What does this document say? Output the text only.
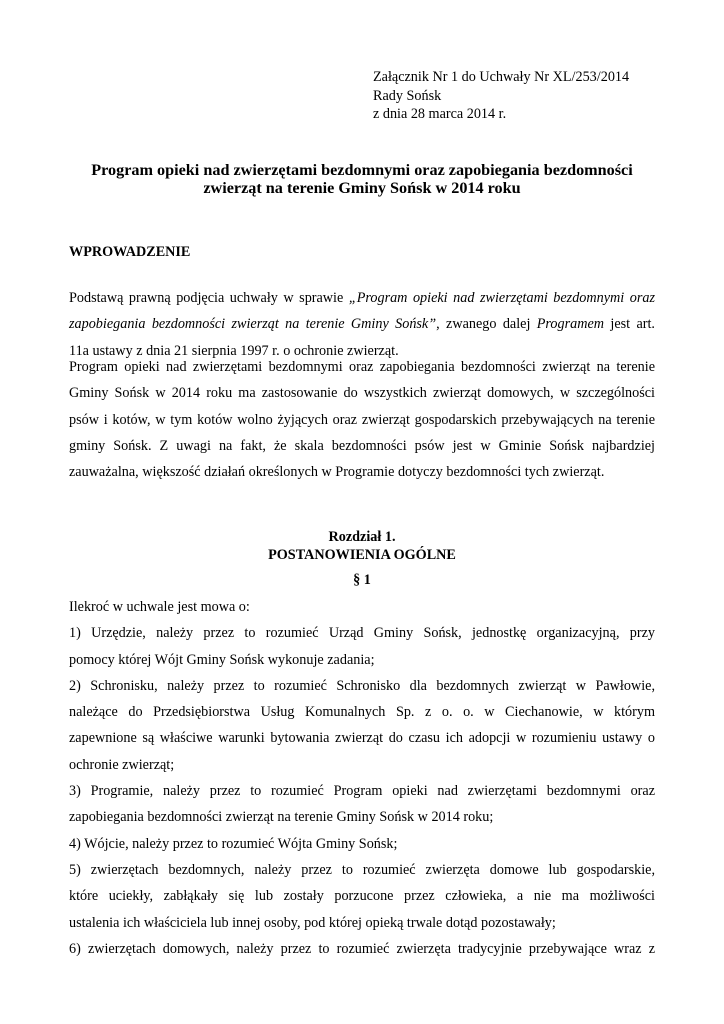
Załącznik Nr 1 do Uchwały Nr XL/253/2014
Rady Sońsk
z dnia 28 marca 2014 r.
Program opieki nad zwierzętami bezdomnymi oraz zapobiegania bezdomności
zwierząt na terenie Gminy Sońsk w 2014 roku
WPROWADZENIE
Podstawą prawną podjęcia uchwały w sprawie „Program opieki nad zwierzętami bezdomnymi oraz
zapobiegania bezdomności zwierząt na terenie Gminy Sońsk”, zwanego dalej Programem jest art.
11a ustawy z dnia 21 sierpnia 1997 r. o ochronie zwierząt.
Program opieki nad zwierzętami bezdomnymi oraz zapobiegania bezdomności zwierząt na terenie
Gminy Sońsk w 2014 roku ma zastosowanie do wszystkich zwierząt domowych, w szczególności
psów i kotów, w tym kotów wolno żyjących oraz zwierząt gospodarskich przebywających na terenie
gminy Sońsk. Z uwagi na fakt, że skala bezdomności psów jest w Gminie Sońsk najbardziej
zauważalna, większość działań określonych w Programie dotyczy bezdomności tych zwierząt.
Rozdział 1.
POSTANOWIENIA OGÓLNE
§ 1
Ilekroć w uchwale jest mowa o:
1) Urzędzie, należy przez to rozumieć Urząd Gminy Sońsk, jednostkę organizacyjną, przy
pomocy której Wójt Gminy Sońsk wykonuje zadania;
2) Schronisku, należy przez to rozumieć Schronisko dla bezdomnych zwierząt w Pawłowie,
należące do Przedsiębiorstwa Usług Komunalnych Sp. z o. o. w Ciechanowie, w którym
zapewnione są właściwe warunki bytowania zwierząt do czasu ich adopcji w rozumieniu ustawy o
ochronie zwierząt;
3) Programie, należy przez to rozumieć Program opieki nad zwierzętami bezdomnymi oraz
zapobiegania bezdomności zwierząt na terenie Gminy Sońsk w 2014 roku;
4) Wójcie, należy przez to rozumieć Wójta Gminy Sońsk;
5) zwierzętach bezdomnych, należy przez to rozumieć zwierzęta domowe lub gospodarskie,
które uciekły, zabłąkały się lub zostały porzucone przez człowieka, a nie ma możliwości
ustalenia ich właściciela lub innej osoby, pod której opieką trwale dotąd pozostawały;
6) zwierzętach domowych, należy przez to rozumieć zwierzęta tradycyjnie przebywające wraz z
